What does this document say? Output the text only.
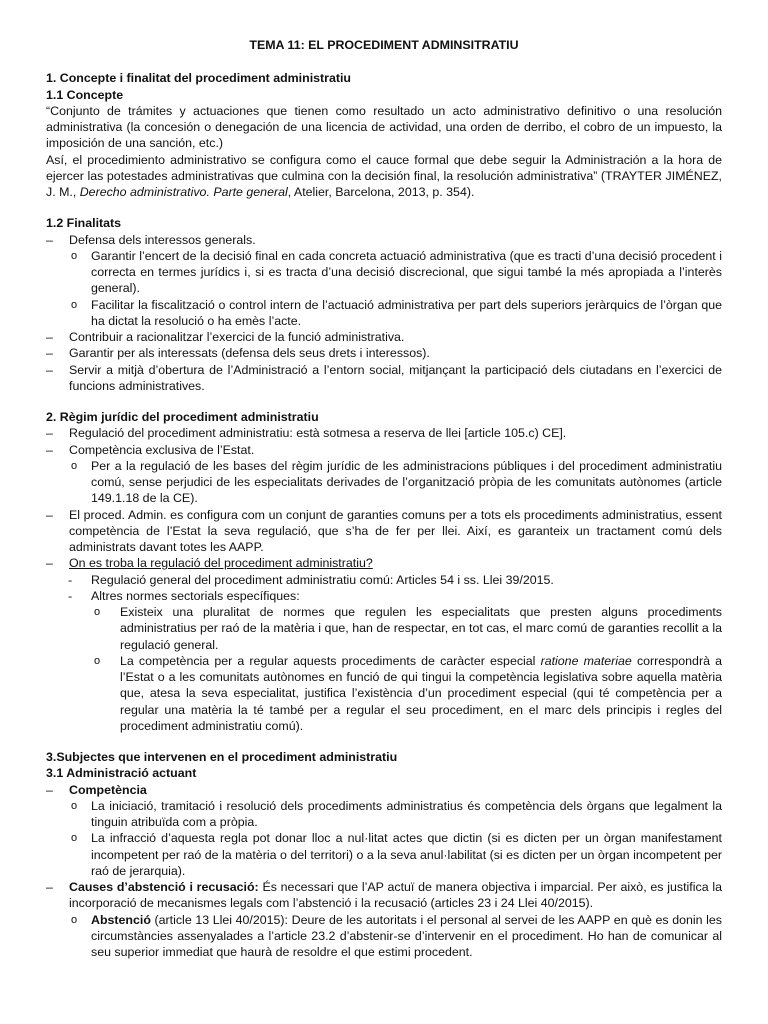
TEMA 11: EL PROCEDIMENT ADMINSITRATIU
1. Concepte i finalitat del procediment administratiu
1.1 Concepte
“Conjunto de trámites y actuaciones que tienen como resultado un acto administrativo definitivo o una resolución administrativa (la concesión o denegación de una licencia de actividad, una orden de derribo, el cobro de un impuesto, la imposición de una sanción, etc.)
Así, el procedimiento administrativo se configura como el cauce formal que debe seguir la Administración a la hora de ejercer las potestades administrativas que culmina con la decisión final, la resolución administrativa” (TRAYTER JIMÉNEZ, J. M., Derecho administrativo. Parte general, Atelier, Barcelona, 2013, p. 354).
1.2 Finalitats
– Defensa dels interessos generals.
o Garantir l’encert de la decisió final en cada concreta actuació administrativa (que es tracti d’una decisió procedent i correcta en termes jurídics i, si es tracta d’una decisió discrecional, que sigui també la més apropiada a l’interès general).
o Facilitar la fiscalització o control intern de l’actuació administrativa per part dels superiors jeràrquics de l’òrgan que ha dictat la resolució o ha emès l’acte.
– Contribuir a racionalitzar l’exercici de la funció administrativa.
– Garantir per als interessats (defensa dels seus drets i interessos).
– Servir a mitjà d’obertura de l’Administració a l’entorn social, mitjançant la participació dels ciutadans en l’exercici de funcions administratives.
2. Règim jurídic del procediment administratiu
– Regulació del procediment administratiu: està sotmesa a reserva de llei [article 105.c) CE].
– Competència exclusiva de l’Estat.
o Per a la regulació de les bases del règim jurídic de les administracions públiques i del procediment administratiu comú, sense perjudici de les especialitats derivades de l’organització pròpia de les comunitats autònomes (article 149.1.18 de la CE).
– El proced. Admin. es configura com un conjunt de garanties comuns per a tots els procediments administratius, essent competència de l’Estat la seva regulació, que s’ha de fer per llei. Així, es garanteix un tractament comú dels administrats davant totes les AAPP.
– On es troba la regulació del procediment administratiu?
- Regulació general del procediment administratiu comú: Articles 54 i ss. Llei 39/2015.
- Altres normes sectorials específiques:
o Existeix una pluralitat de normes que regulen les especialitats que presten alguns procediments administratius per raó de la matèria i que, han de respectar, en tot cas, el marc comú de garanties recollit a la regulació general.
o La competència per a regular aquests procediments de caràcter especial ratione materiae correspondrà a l’Estat o a les comunitats autònomes en funció de qui tingui la competència legislativa sobre aquella matèria que, atesa la seva especialitat, justifica l’existència d’un procediment especial (qui té competència per a regular una matèria la té també per a regular el seu procediment, en el marc dels principis i regles del procediment administratiu comú).
3.Subjectes que intervenen en el procediment administratiu
3.1 Administració actuant
– Competència
o La iniciació, tramitació i resolució dels procediments administratius és competència dels òrgans que legalment la tinguin atribuïda com a pròpia.
o La infracció d’aquesta regla pot donar lloc a nul·litat actes que dictin (si es dicten per un òrgan manifestament incompetent per raó de la matèria o del territori) o a la seva anul·labilitat (si es dicten per un òrgan incompetent per raó de jerarquia).
– Causes d’abstenció i recusació: És necessari que l’AP actuï de manera objectiva i imparcial. Per això, es justifica la incorporació de mecanismes legals com l’abstenció i la recusació (articles 23 i 24 Llei 40/2015).
o Abstenció (article 13 Llei 40/2015): Deure de les autoritats i el personal al servei de les AAPP en què es donin les circumstàncies assenyalades a l’article 23.2 d’abstenir-se d’intervenir en el procediment. Ho han de comunicar al seu superior immediat que haurà de resoldre el que estimi procedent.
